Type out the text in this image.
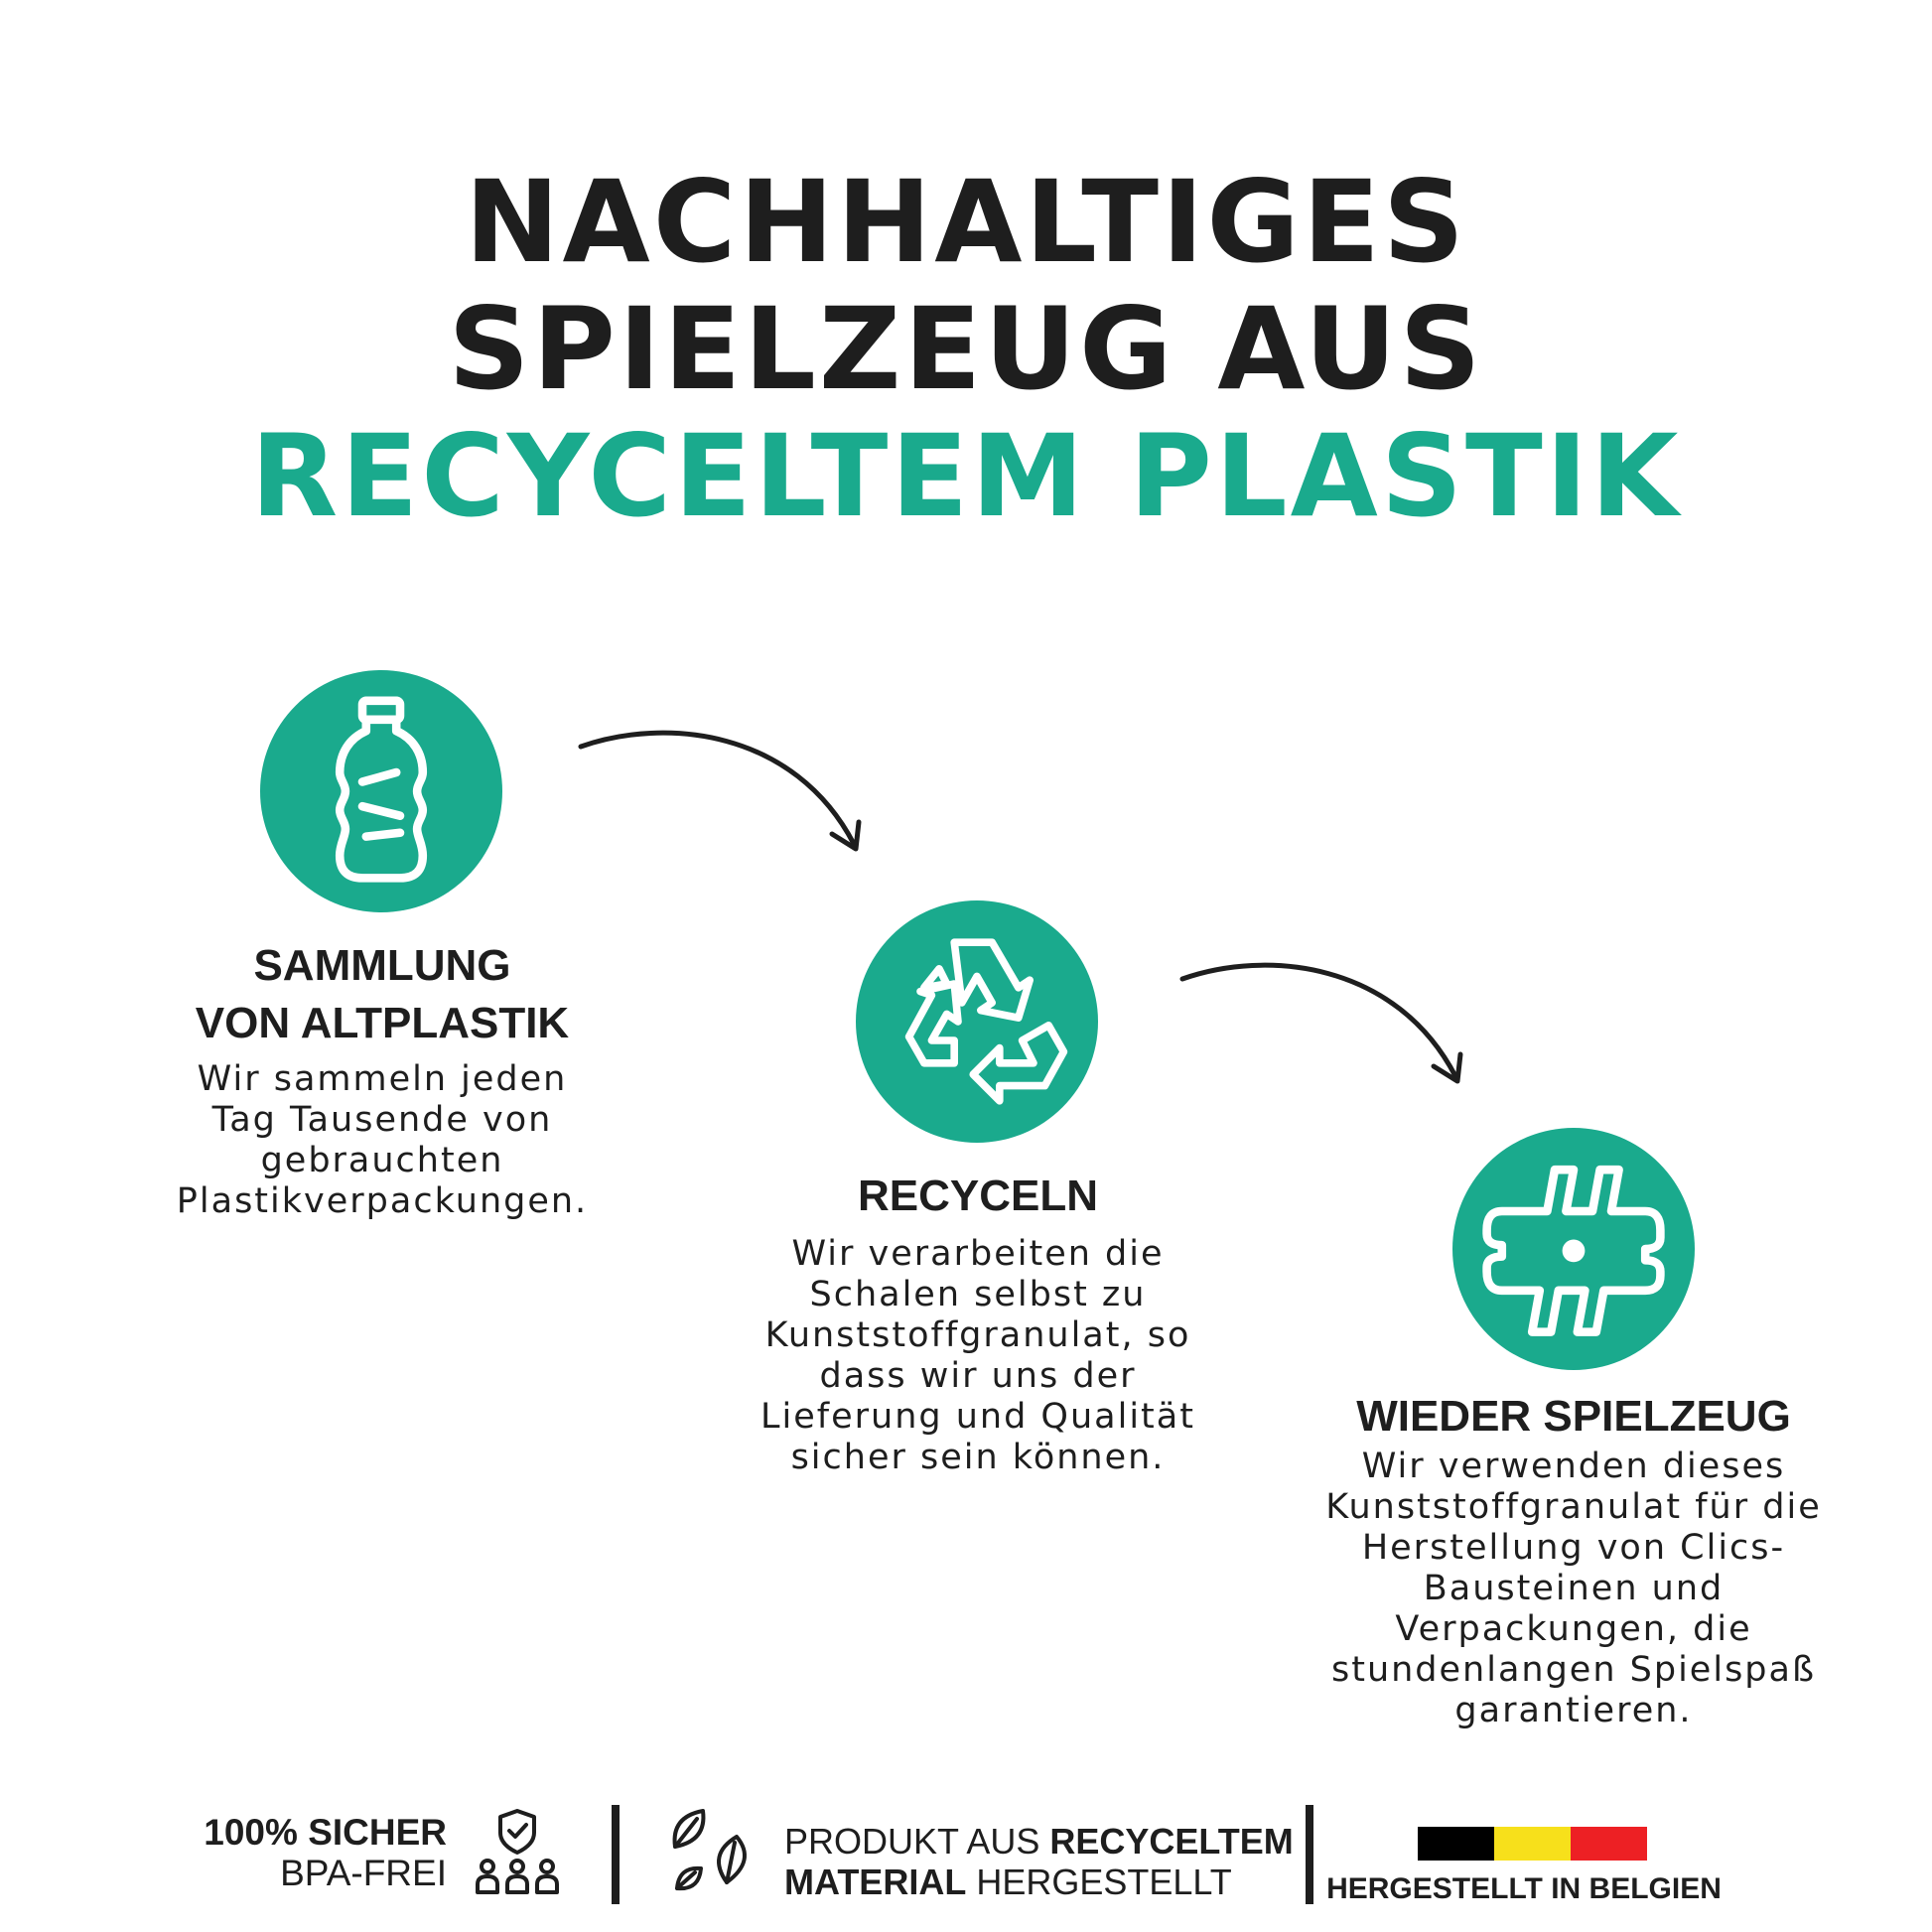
NACHHALTIGES
SPIELZEUG AUS
RECYCELTEM PLASTIK
SAMMLUNG
VON ALTPLASTIK
Wir sammeln jeden
Tag Tausende von
gebrauchten
Plastikverpackungen.	RECYCELN
Wir verarbeiten die
Schalen selbst zu
Kunststoffgranulat, so
dass wir uns der
Lieferung und Qualität
sicher sein können.
WIEDER SPIELZEUG
Wir verwenden dieses
Kunststoffgranulat für die
Herstellung von Clics-
Bausteinen und
Verpackungen, die
stundenlangen Spielspaß
garantieren.
100% SICHER
BPA-FREI
PRODUKT AUS RECYCELTEM
MATERIAL HERGESTELLT	HERGESTELLT IN BELGIEN
